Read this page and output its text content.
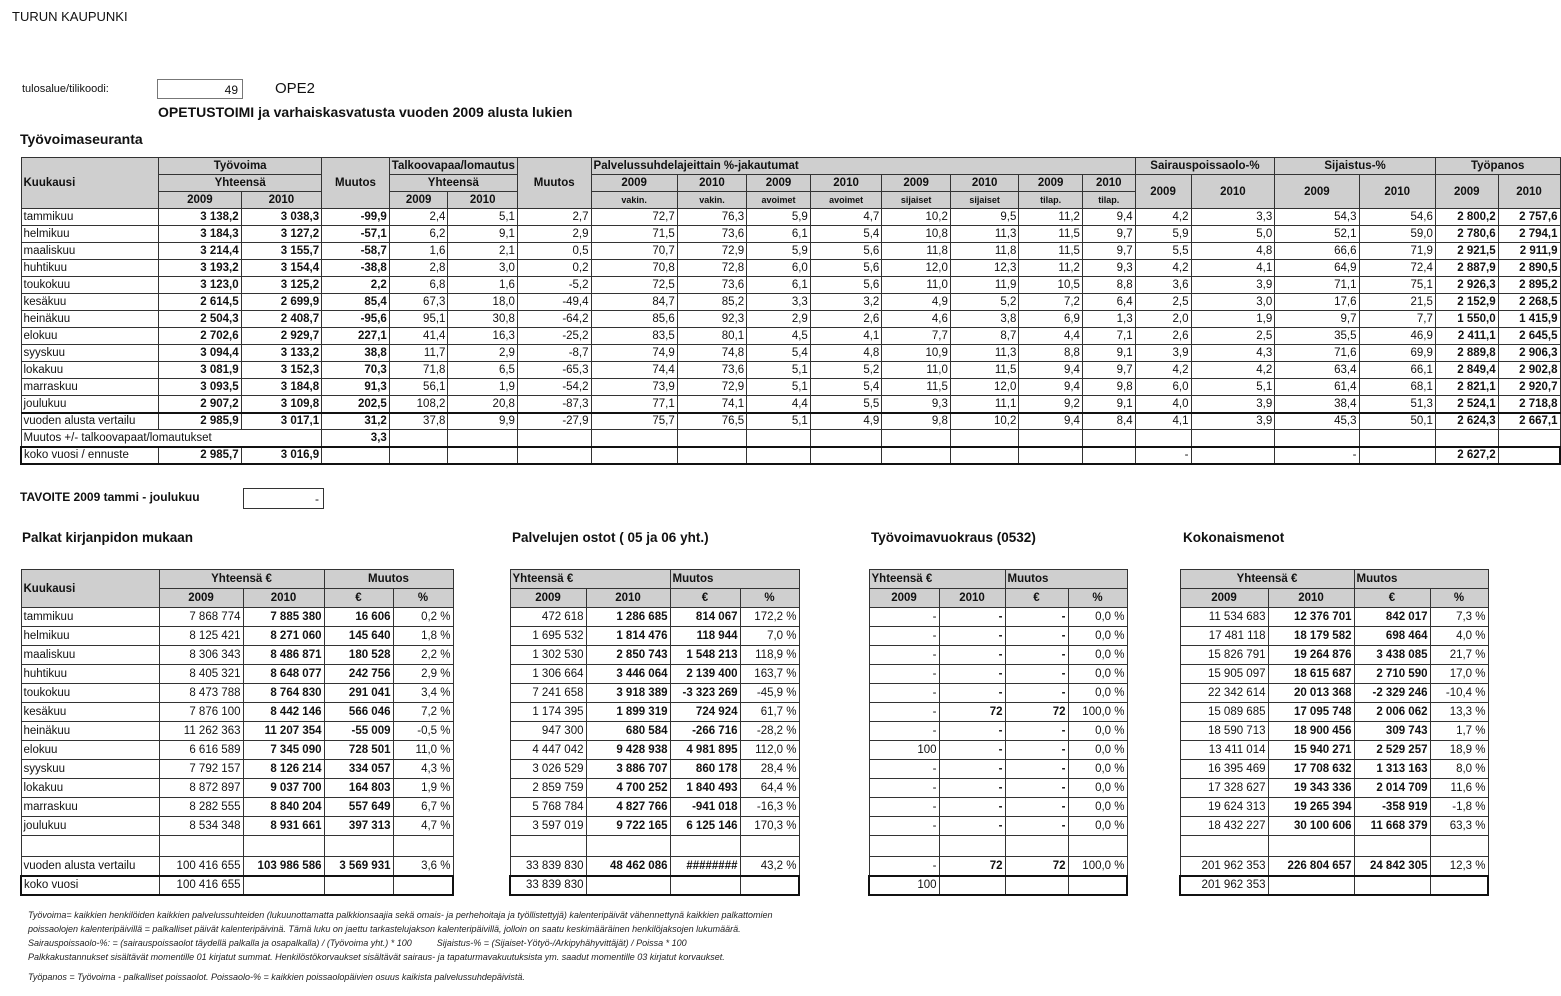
TURUN KAUPUNKI
tulosalue/tilikoodi:	49	OPE2
OPETUSTOIMI ja varhaiskasvatusta vuoden 2009 alusta lukien
Työvoimaseuranta
Kuukausi	Työvoima		Muutos	Talkoovapaa/lomautus		Muutos	Palvelussuhdelajeittain %-jakautumat								Sairauspoissaolo-%		Sijaistus-%		Työpanos	
	Yhteensä			Yhteensä			2009	2010	2009	2010	2009	2010	2009	2010	2009	2010	2009	2010	2009	2010
	2009	2010		2009	2010		vakin.	vakin.	avoimet	avoimet	sijaiset	sijaiset	tilap.	tilap.						
tammikuu	3 138,2	3 038,3	-99,9	2,4	5,1	2,7	72,7	76,3	5,9	4,7	10,2	9,5	11,2	9,4	4,2	3,3	54,3	54,6	2 800,2	2 757,6
helmikuu	3 184,3	3 127,2	-57,1	6,2	9,1	2,9	71,5	73,6	6,1	5,4	10,8	11,3	11,5	9,7	5,9	5,0	52,1	59,0	2 780,6	2 794,1
maaliskuu	3 214,4	3 155,7	-58,7	1,6	2,1	0,5	70,7	72,9	5,9	5,6	11,8	11,8	11,5	9,7	5,5	4,8	66,6	71,9	2 921,5	2 911,9
huhtikuu	3 193,2	3 154,4	-38,8	2,8	3,0	0,2	70,8	72,8	6,0	5,6	12,0	12,3	11,2	9,3	4,2	4,1	64,9	72,4	2 887,9	2 890,5
toukokuu	3 123,0	3 125,2	2,2	6,8	1,6	-5,2	72,5	73,6	6,1	5,6	11,0	11,9	10,5	8,8	3,6	3,9	71,1	75,1	2 926,3	2 895,2
kesäkuu	2 614,5	2 699,9	85,4	67,3	18,0	-49,4	84,7	85,2	3,3	3,2	4,9	5,2	7,2	6,4	2,5	3,0	17,6	21,5	2 152,9	2 268,5
heinäkuu	2 504,3	2 408,7	-95,6	95,1	30,8	-64,2	85,6	92,3	2,9	2,6	4,6	3,8	6,9	1,3	2,0	1,9	9,7	7,7	1 550,0	1 415,9
elokuu	2 702,6	2 929,7	227,1	41,4	16,3	-25,2	83,5	80,1	4,5	4,1	7,7	8,7	4,4	7,1	2,6	2,5	35,5	46,9	2 411,1	2 645,5
syyskuu	3 094,4	3 133,2	38,8	11,7	2,9	-8,7	74,9	74,8	5,4	4,8	10,9	11,3	8,8	9,1	3,9	4,3	71,6	69,9	2 889,8	2 906,3
lokakuu	3 081,9	3 152,3	70,3	71,8	6,5	-65,3	74,4	73,6	5,1	5,2	11,0	11,5	9,4	9,7	4,2	4,2	63,4	66,1	2 849,4	2 902,8
marraskuu	3 093,5	3 184,8	91,3	56,1	1,9	-54,2	73,9	72,9	5,1	5,4	11,5	12,0	9,4	9,8	6,0	5,1	61,4	68,1	2 821,1	2 920,7
joulukuu	2 907,2	3 109,8	202,5	108,2	20,8	-87,3	77,1	74,1	4,4	5,5	9,3	11,1	9,2	9,1	4,0	3,9	38,4	51,3	2 524,1	2 718,8
vuoden alusta vertailu	2 985,9	3 017,1	31,2	37,8	9,9	-27,9	75,7	76,5	5,1	4,9	9,8	10,2	9,4	8,4	4,1	3,9	45,3	50,1	2 624,3	2 667,1
Muutos +/- talkoovapaat/lomautukset			3,3																	
koko vuosi / ennuste	2 985,7	3 016,9													-		-		2 627,2	
TAVOITE 2009 tammi - joulukuu	-
Palkat kirjanpidon mukaan	Palvelujen ostot ( 05 ja 06 yht.)	Työvoimavuokraus (0532)	Kokonaismenot
Kuukausi	Yhteensä €		Muutos	
	2009	2010	€	%
tammikuu	7 868 774	7 885 380	16 606	0,2 %
helmikuu	8 125 421	8 271 060	145 640	1,8 %
maaliskuu	8 306 343	8 486 871	180 528	2,2 %
huhtikuu	8 405 321	8 648 077	242 756	2,9 %
toukokuu	8 473 788	8 764 830	291 041	3,4 %
kesäkuu	7 876 100	8 442 146	566 046	7,2 %
heinäkuu	11 262 363	11 207 354	-55 009	-0,5 %
elokuu	6 616 589	7 345 090	728 501	11,0 %
syyskuu	7 792 157	8 126 214	334 057	4,3 %
lokakuu	8 872 897	9 037 700	164 803	1,9 %
marraskuu	8 282 555	8 840 204	557 649	6,7 %
joulukuu	8 534 348	8 931 661	397 313	4,7 %

vuoden alusta vertailu	100 416 655	103 986 586	3 569 931	3,6 %
koko vuosi	100 416 655			
Yhteensä €		Muutos	
2009	2010	€	%
472 618	1 286 685	814 067	172,2 %
1 695 532	1 814 476	118 944	7,0 %
1 302 530	2 850 743	1 548 213	118,9 %
1 306 664	3 446 064	2 139 400	163,7 %
7 241 658	3 918 389	-3 323 269	-45,9 %
1 174 395	1 899 319	724 924	61,7 %
947 300	680 584	-266 716	-28,2 %
4 447 042	9 428 938	4 981 895	112,0 %
3 026 529	3 886 707	860 178	28,4 %
2 859 759	4 700 252	1 840 493	64,4 %
5 768 784	4 827 766	-941 018	-16,3 %
3 597 019	9 722 165	6 125 146	170,3 %

33 839 830	48 462 086	########	43,2 %
33 839 830			
Yhteensä €		Muutos	
2009	2010	€	%
-	-	-	0,0 %
-	-	-	0,0 %
-	-	-	0,0 %
-	-	-	0,0 %
-	-	-	0,0 %
-	72	72	100,0 %
-	-	-	0,0 %
100	-	-	0,0 %
-	-	-	0,0 %
-	-	-	0,0 %
-	-	-	0,0 %
-	-	-	0,0 %

-	72	72	100,0 %
100			
Yhteensä €		Muutos	
2009	2010	€	%
11 534 683	12 376 701	842 017	7,3 %
17 481 118	18 179 582	698 464	4,0 %
15 826 791	19 264 876	3 438 085	21,7 %
15 905 097	18 615 687	2 710 590	17,0 %
22 342 614	20 013 368	-2 329 246	-10,4 %
15 089 685	17 095 748	2 006 062	13,3 %
18 590 713	18 900 456	309 743	1,7 %
13 411 014	15 940 271	2 529 257	18,9 %
16 395 469	17 708 632	1 313 163	8,0 %
17 328 627	19 343 336	2 014 709	11,6 %
19 624 313	19 265 394	-358 919	-1,8 %
18 432 227	30 100 606	11 668 379	63,3 %

201 962 353	226 804 657	24 842 305	12,3 %
201 962 353			
Työvoima= kaikkien henkilöiden kaikkien palvelussuhteiden (lukuunottamatta palkkionsaajia sekä omais- ja perhehoitaja ja työllistettyjä) kalenteripäivät vähennettynä kaikkien palkattomien
poissaolojen kalenteripäivillä = palkalliset päivät kalenteripäivinä. Tämä luku on jaettu tarkastelujakson kalenteripäivillä, jolloin on saatu keskimääräinen henkilöjaksojen lukumäärä.
Sairauspoissaolo-%: = (sairauspoissaolot täydellä palkalla ja osapalkalla) / (Työvoima yht.) * 100          Sijaistus-% = (Sijaiset-Yötyö-/Arkipyhähyvittäjät) / Poissa * 100
Palkkakustannukset sisältävät momentille 01 kirjatut summat. Henkilöstökorvaukset sisältävät sairaus- ja tapaturmavakuutuksista ym. saadut momentille 03 kirjatut korvaukset.
Työpanos = Työvoima - palkalliset poissaolot. Poissaolo-% = kaikkien poissaolopäivien osuus kaikista palvelussuhdepäivistä.
